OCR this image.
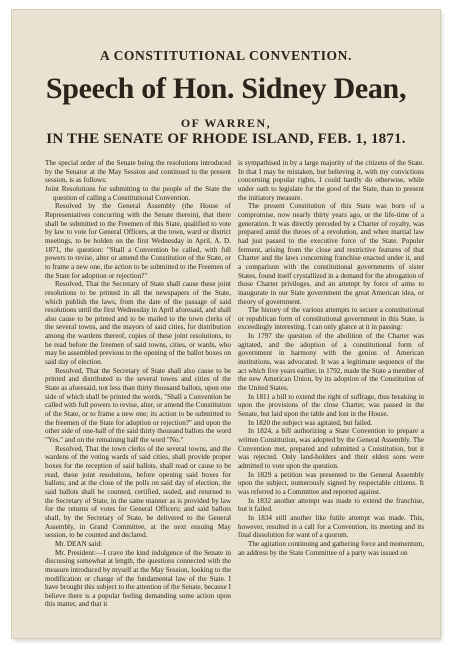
A CONSTITUTIONAL CONVENTION.
Speech of Hon. Sidney Dean,
OF WARREN,
IN THE SENATE OF RHODE ISLAND, FEB. 1, 1871.

The special order of the Senate being the resolutions introduced by the Senator at the May Session and continued to the present session, is as follows:

Joint Resolutions for submitting to the people of the State the question of calling a Constitutional Convention.

Resolved by the General Assembly (the House of Representatives concurring with the Senate therein), that there shall be submitted to the Freemen of this State, qualified to vote by law to vote for General Officers, at the town, ward or district meetings, to be holden on the first Wednesday in April, A. D. 1871, the question: "Shall a Convention be called, with full powers to revise, alter or amend the Constitution of the State, or to frame a new one, the action to be submitted to the Freemen of the State for adoption or rejection?"

Resolved, That the Secretary of State shall cause these joint resolutions to be printed in all the newspapers of the State, which publish the laws, from the date of the passage of said resolutions until the first Wednesday in April aforesaid, and shall also cause to be printed and to be mailed to the town clerks of the several towns, and the mayors of said cities, for distribution among the wardens thereof, copies of these joint resolutions, to be read before the freemen of said towns, cities, or wards, who may be assembled previous to the opening of the ballot boxes on said day of election.

Resolved, That the Secretary of State shall also cause to be printed and distributed to the several towns and cities of the State as aforesaid, not less than thirty thousand ballots, upon one side of which shall be printed the words, "Shall a Convention be called with full powers to revise, alter, or amend the Constitution of the State, or to frame a new one; its action to be submitted to the freemen of the State for adoption or rejection?" and upon the other side of one-half of the said thirty thousand ballots the word "Yes," and on the remaining half the word "No."

Resolved, That the town clerks of the several towns, and the wardens of the voting wards of said cities, shall provide proper boxes for the reception of said ballots, shall read or cause to be read, these joint resolutions, before opening said boxes for ballots; and at the close of the polls on said day of election, the said ballots shall be counted, certified, sealed, and returned to the Secretary of State, in the same manner as is provided by law for the returns of votes for General Officers; and said ballots shall, by the Secretary of State, be delivered to the General Assembly, in Grand Committee, at the next ensuing May session, to be counted and declared.

Mr. DEAN said:

Mr. President:—I crave the kind indulgence of the Senate in discussing somewhat at length, the questions connected with the measure introduced by myself at the May Session, looking to the modification or change of the fundamental law of the State. I have brought this subject to the attention of the Senate, because I believe there is a popular feeling demanding some action upon this matter, and that it

is sympathised in by a large majority of the citizens of the State. In that I may be mistaken, but believing it, with my convictions concerning popular rights, I could hardly do otherwise, while under oath to legislate for the good of the State, than to present the initiatory measure.

The present Constitution of this State was born of a compromise, now nearly thirty years ago, or the life-time of a generation. It was directly preceded by a Charter of royalty, was prepared amid the throes of a revolution, and when martial law had just passed to the executive force of the State. Populer ferment, arising from the close and restrictive features of that Charter and the laws concerning franchise enacted under it, and a comparison with the constitutional governments of sister States, found itself crystallized in a demand for the abrogation of those Charter privileges, and an attempt by force of arms to inaugurate in our State government the great American idea, or theory of government.

The history of the various attempts to secure a constitutional or republican form of constitutional government in this State, is exceedingly interesting. I can only glance at it in passing:

In 1797 the question of the abolition of the Charter was agitated, and the adoption of a constitutional form of government in harmony with the genius of American institutions, was advocated. It was a legitimate sequence of the act which five years earlier, in 1792, made the State a member of the new American Union, by its adoption of the Constitution of the United States.

In 1811 a bill to extend the right of suffrage, thus breaking in upon the provisions of the close Charter, was passed in the Senate, but laid upon the table and lost in the House.

In 1820 the subject was agitated, but failed.

In 1824, a bill authorizing a State Convention to prepare a written Constitution, was adopted by the General Assembly. The Convention met, prepared and submitted a Constitution, but it was rejected. Only land-holders and their eldest sons were admitted to vote upon the question.

In 1829 a petition was presented to the General Assembly upon the subject, numerously signed by respectable citizens. It was referred to a Committee and reported against.

In 1832 another attempt was made to extend the franchise, but it failed.

In 1834 still another like futile attempt was made. This, however, resulted in a call for a Convention, its meeting and its final dissolution for want of a quorum.

The agitation continuing and gathering force and momentum, an address by the State Committee of a party was issued on
